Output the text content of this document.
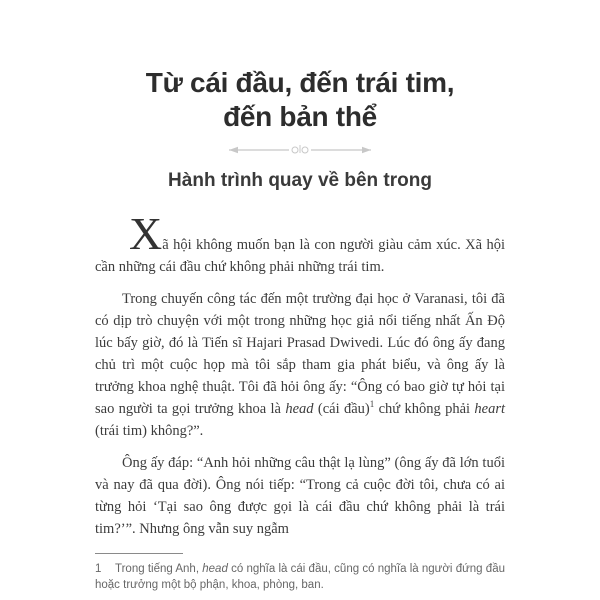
Từ cái đầu, đến trái tim,
đến bản thể
Hành trình quay về bên trong

Xã hội không muốn bạn là con người giàu cảm xúc. Xã hội cần những cái đầu chứ không phải những trái tim.

Trong chuyến công tác đến một trường đại học ở Varanasi, tôi đã có dịp trò chuyện với một trong những học giả nổi tiếng nhất Ấn Độ lúc bấy giờ, đó là Tiến sĩ Hajari Prasad Dwivedi. Lúc đó ông ấy đang chủ trì một cuộc họp mà tôi sắp tham gia phát biểu, và ông ấy là trưởng khoa nghệ thuật. Tôi đã hỏi ông ấy: “Ông có bao giờ tự hỏi tại sao người ta gọi trưởng khoa là head (cái đầu)$^1$ chứ không phải heart (trái tim) không?”.

Ông ấy đáp: “Anh hỏi những câu thật lạ lùng” (ông ấy đã lớn tuổi và nay đã qua đời). Ông nói tiếp: “Trong cả cuộc đời tôi, chưa có ai từng hỏi ‘Tại sao ông được gọi là cái đầu chứ không phải là trái tim?’”. Nhưng ông vẫn suy ngẫm

1 Trong tiếng Anh, head có nghĩa là cái đầu, cũng có nghĩa là người đứng đầu hoặc trưởng một bộ phận, khoa, phòng, ban.
